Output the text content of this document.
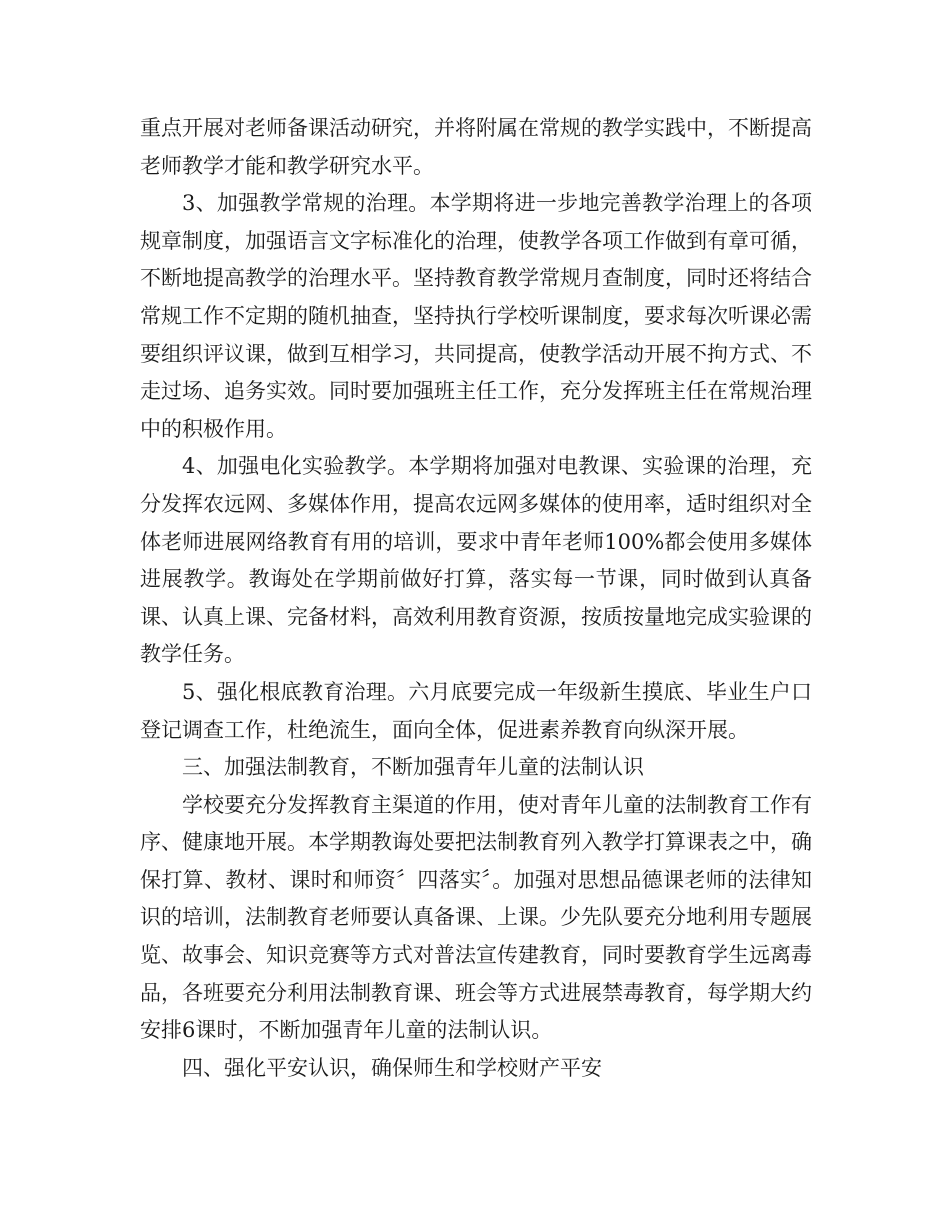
重点开展对老师备课活动研究，并将附属在常规的教学实践中，不断提高老师教学才能和教学研究水平。

3、加强教学常规的治理。本学期将进一步地完善教学治理上的各项规章制度，加强语言文字标准化的治理，使教学各项工作做到有章可循，不断地提高教学的治理水平。坚持教育教学常规月查制度，同时还将结合常规工作不定期的随机抽查，坚持执行学校听课制度，要求每次听课必需要组织评议课，做到互相学习，共同提高，使教学活动开展不拘方式、不走过场、追务实效。同时要加强班主任工作，充分发挥班主任在常规治理中的积极作用。

4、加强电化实验教学。本学期将加强对电教课、实验课的治理，充分发挥农远网、多媒体作用，提高农远网多媒体的使用率，适时组织对全体老师进展网络教育有用的培训，要求中青年老师100%都会使用多媒体进展教学。教诲处在学期前做好打算，落实每一节课，同时做到认真备课、认真上课、完备材料，高效利用教育资源，按质按量地完成实验课的教学任务。

5、强化根底教育治理。六月底要完成一年级新生摸底、毕业生户口登记调查工作，杜绝流生，面向全体，促进素养教育向纵深开展。

三、加强法制教育，不断加强青年儿童的法制认识

学校要充分发挥教育主渠道的作用，使对青年儿童的法制教育工作有序、健康地开展。本学期教诲处要把法制教育列入教学打算课表之中，确保打算、教材、课时和师资〞四落实〞。加强对思想品德课老师的法律知识的培训，法制教育老师要认真备课、上课。少先队要充分地利用专题展览、故事会、知识竞赛等方式对普法宣传建教育，同时要教育学生远离毒品，各班要充分利用法制教育课、班会等方式进展禁毒教育，每学期大约安排6课时，不断加强青年儿童的法制认识。

四、强化平安认识，确保师生和学校财产平安
